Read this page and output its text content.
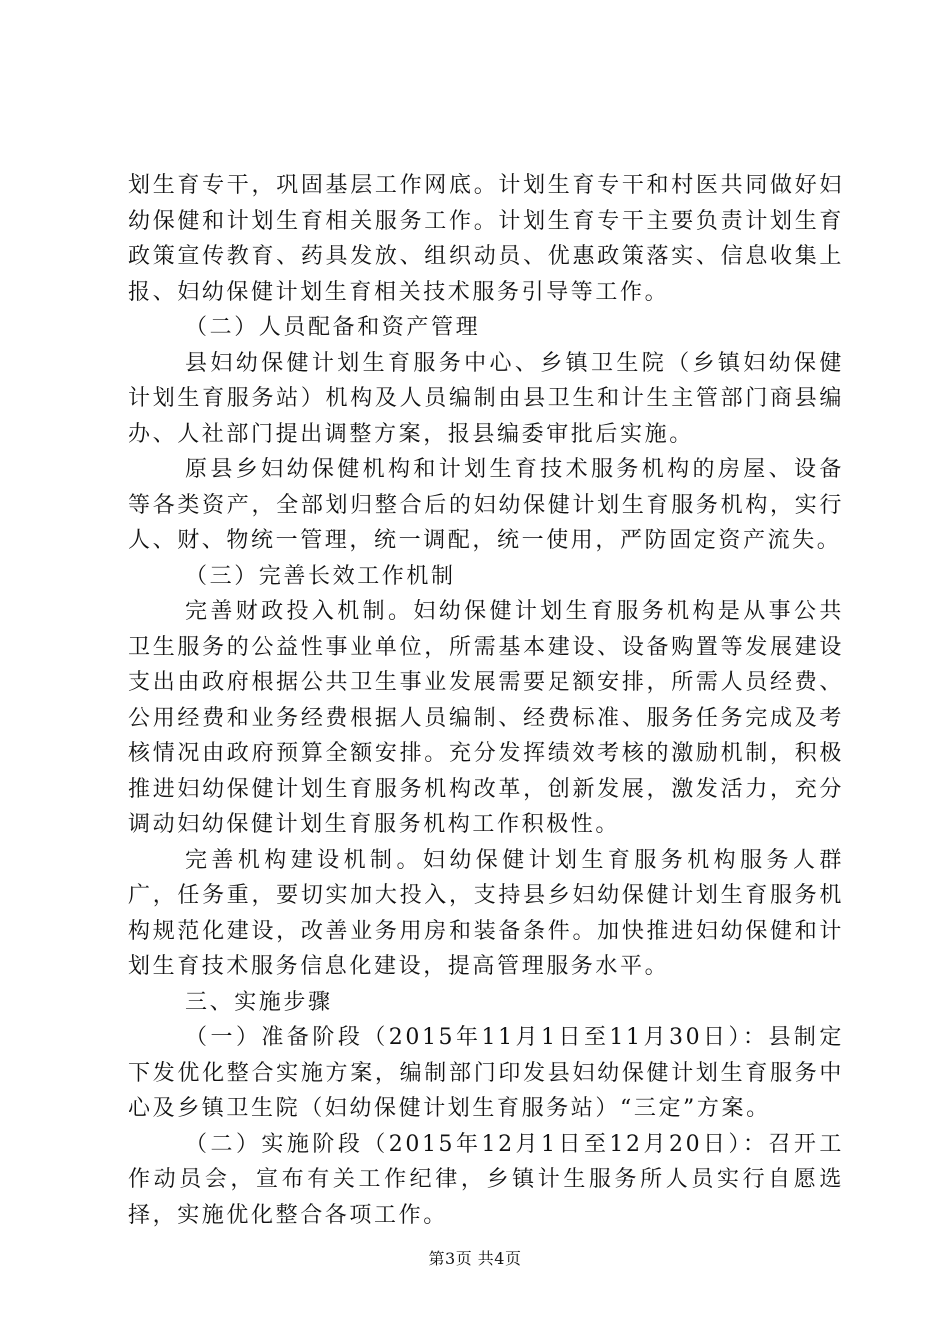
划生育专干，巩固基层工作网底。计划生育专干和村医共同做好妇幼保健和计划生育相关服务工作。计划生育专干主要负责计划生育政策宣传教育、药具发放、组织动员、优惠政策落实、信息收集上报、妇幼保健计划生育相关技术服务引导等工作。

（二）人员配备和资产管理

县妇幼保健计划生育服务中心、乡镇卫生院（乡镇妇幼保健计划生育服务站）机构及人员编制由县卫生和计生主管部门商县编办、人社部门提出调整方案，报县编委审批后实施。

原县乡妇幼保健机构和计划生育技术服务机构的房屋、设备等各类资产，全部划归整合后的妇幼保健计划生育服务机构，实行人、财、物统一管理，统一调配，统一使用，严防固定资产流失。

（三）完善长效工作机制

完善财政投入机制。妇幼保健计划生育服务机构是从事公共卫生服务的公益性事业单位，所需基本建设、设备购置等发展建设支出由政府根据公共卫生事业发展需要足额安排，所需人员经费、公用经费和业务经费根据人员编制、经费标准、服务任务完成及考核情况由政府预算全额安排。充分发挥绩效考核的激励机制，积极推进妇幼保健计划生育服务机构改革，创新发展，激发活力，充分调动妇幼保健计划生育服务机构工作积极性。

完善机构建设机制。妇幼保健计划生育服务机构服务人群广，任务重，要切实加大投入，支持县乡妇幼保健计划生育服务机构规范化建设，改善业务用房和装备条件。加快推进妇幼保健和计划生育技术服务信息化建设，提高管理服务水平。

三、实施步骤

（一）准备阶段（2015年11月1日至11月30日）：县制定下发优化整合实施方案，编制部门印发县妇幼保健计划生育服务中心及乡镇卫生院（妇幼保健计划生育服务站）“三定”方案。

（二）实施阶段（2015年12月1日至12月20日）：召开工作动员会，宣布有关工作纪律，乡镇计生服务所人员实行自愿选择，实施优化整合各项工作。

第3页 共4页
